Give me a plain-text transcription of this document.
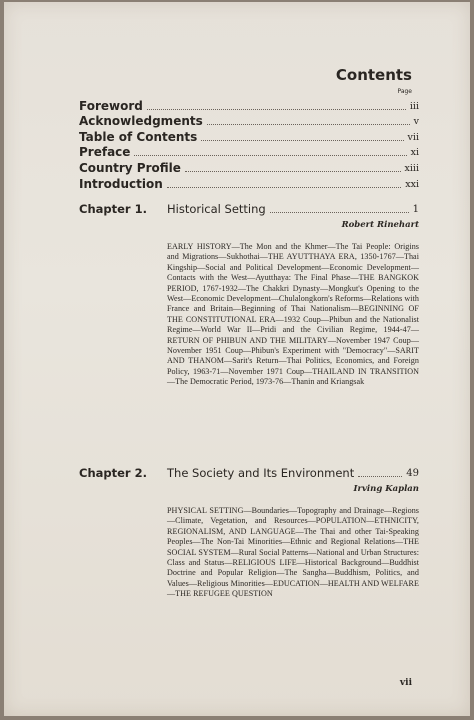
Contents
Page
Foreword	iii
Acknowledgments	v
Table of Contents	vii
Preface	xi
Country Profile	xiii
Introduction	xxi
Chapter 1.	Historical Setting	1
Robert Rinehart
EARLY HISTORY—The Mon and the Khmer—The Tai People: Origins and Migrations—Sukhothai—THE AYUTTHAYA ERA, 1350-1767—Thai Kingship—Social and Political Development—Economic Development—Contacts with the West—Ayutthaya: The Final Phase—THE BANGKOK PERIOD, 1767-1932—The Chakkri Dynasty—Mongkut's Opening to the West—Economic Development—Chulalongkorn's Reforms—Relations with France and Britain—Beginning of Thai Nationalism—BEGINNING OF THE CONSTITUTIONAL ERA—1932 Coup—Phibun and the Nationalist Regime—World War II—Pridi and the Civilian Regime, 1944-47—RETURN OF PHIBUN AND THE MILITARY—November 1947 Coup—November 1951 Coup—Phibun's Experiment with "Democracy"—SARIT AND THANOM—Sarit's Return—Thai Politics, Economics, and Foreign Policy, 1963-71—November 1971 Coup—THAILAND IN TRANSITION—The Democratic Period, 1973-76—Thanin and Kriangsak
Chapter 2.	The Society and Its Environment	49
Irving Kaplan
PHYSICAL SETTING—Boundaries—Topography and Drainage—Regions—Climate, Vegetation, and Resources—POPULATION—ETHNICITY, REGIONALISM, AND LANGUAGE—The Thai and other Tai-Speaking Peoples—The Non-Tai Minorities—Ethnic and Regional Relations—THE SOCIAL SYSTEM—Rural Social Patterns—National and Urban Structures: Class and Status—RELIGIOUS LIFE—Historical Background—Buddhist Doctrine and Popular Religion—The Sangha—Buddhism, Politics, and Values—Religious Minorities—EDUCATION—HEALTH AND WELFARE—THE REFUGEE QUESTION
vii
